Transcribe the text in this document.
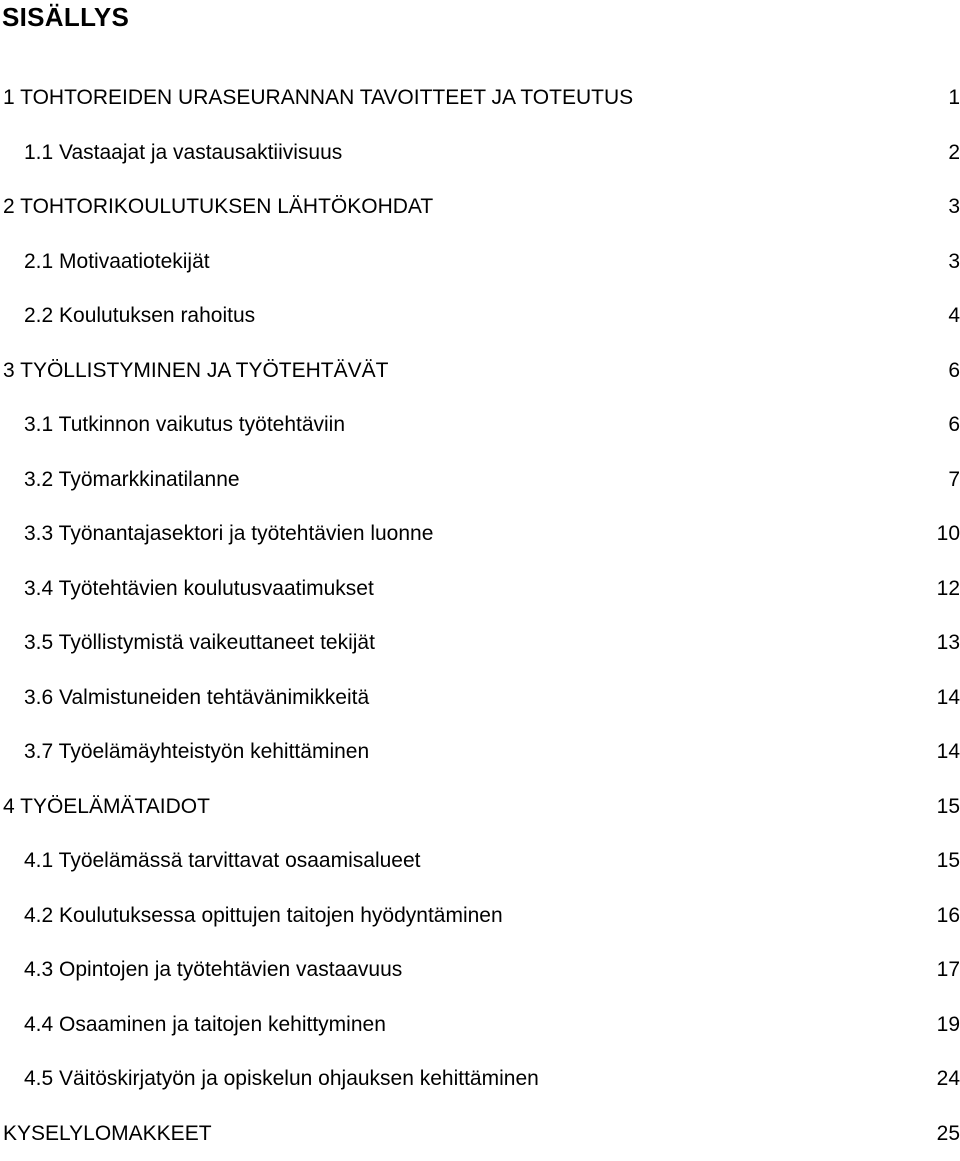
SISÄLLYS
1 TOHTOREIDEN URASEURANNAN TAVOITTEET JA TOTEUTUS	1
1.1 Vastaajat ja vastausaktiivisuus	2
2 TOHTORIKOULUTUKSEN LÄHTÖKOHDAT	3
2.1 Motivaatiotekijät	3
2.2 Koulutuksen rahoitus	4
3 TYÖLLISTYMINEN JA TYÖTEHTÄVÄT	6
3.1 Tutkinnon vaikutus työtehtäviin	6
3.2 Työmarkkinatilanne	7
3.3 Työnantajasektori ja työtehtävien luonne	10
3.4 Työtehtävien koulutusvaatimukset	12
3.5 Työllistymistä vaikeuttaneet tekijät	13
3.6 Valmistuneiden tehtävänimikkeitä	14
3.7 Työelämäyhteistyön kehittäminen	14
4 TYÖELÄMÄTAIDOT	15
4.1 Työelämässä tarvittavat osaamisalueet	15
4.2 Koulutuksessa opittujen taitojen hyödyntäminen	16
4.3 Opintojen ja työtehtävien vastaavuus	17
4.4 Osaaminen ja taitojen kehittyminen	19
4.5 Väitöskirjatyön ja opiskelun ohjauksen kehittäminen	24
KYSELYLOMAKKEET	25
